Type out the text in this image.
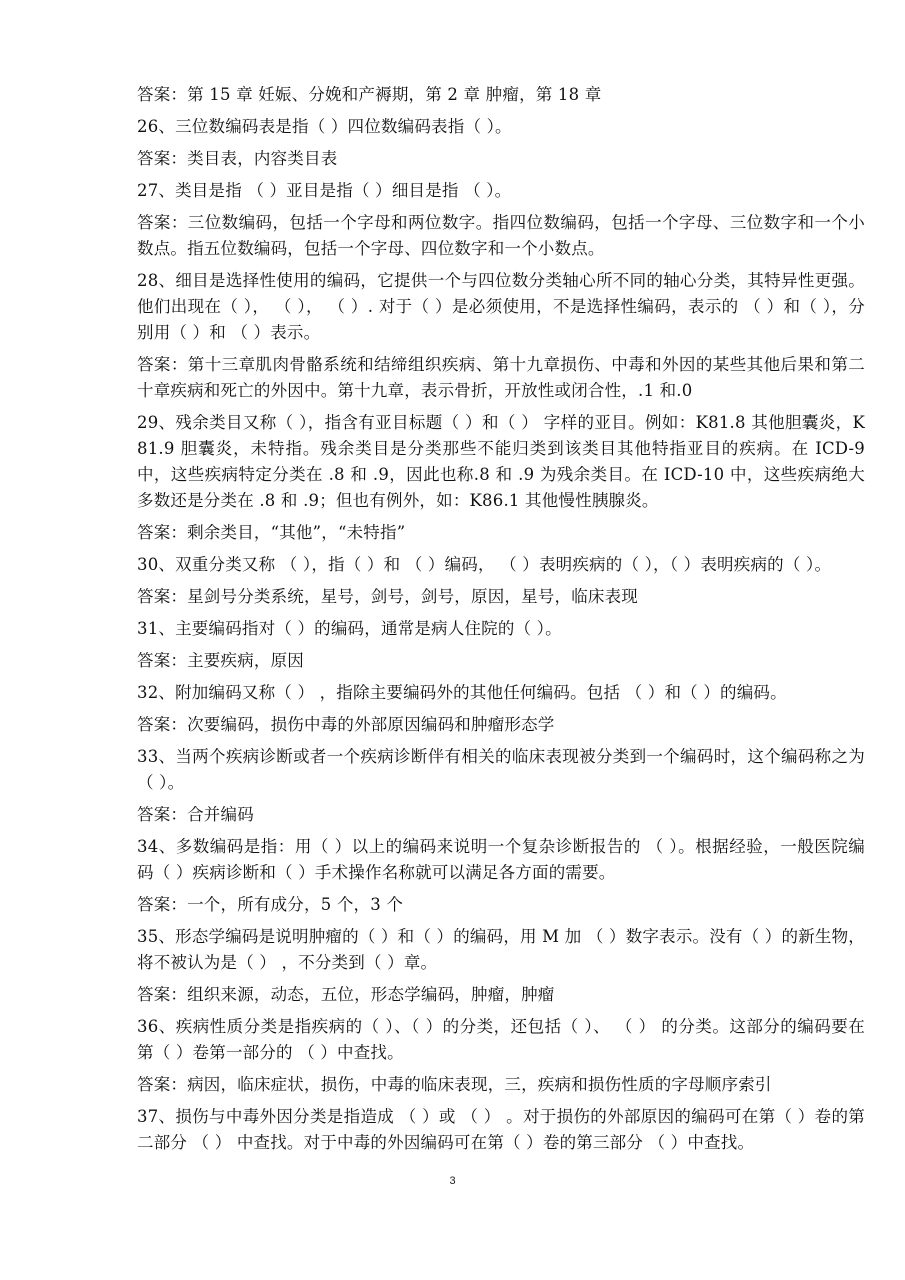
答案：第 15 章 妊娠、分娩和产褥期，第 2 章 肿瘤，第 18 章

26、三位数编码表是指（ ）四位数编码表指（ ）。

答案：类目表，内容类目表

27、类目是指 （ ）亚目是指（ ）细目是指 （ ）。

答案：三位数编码，包括一个字母和两位数字。指四位数编码，包括一个字母、三位数字和一个小数点。指五位数编码，包括一个字母、四位数字和一个小数点。

28、细目是选择性使用的编码，它提供一个与四位数分类轴心所不同的轴心分类，其特异性更强。他们出现在（ ）， （ ）， （ ）. 对于（ ）是必须使用，不是选择性编码，表示的 （ ）和（ ），分别用（ ）和 （ ）表示。

答案：第十三章肌肉骨骼系统和结缔组织疾病、第十九章损伤、中毒和外因的某些其他后果和第二十章疾病和死亡的外因中。第十九章，表示骨折，开放性或闭合性，.1 和.0

29、残余类目又称（ ），指含有亚目标题（ ）和（ ） 字样的亚目。例如：K81.8 其他胆囊炎，K81.9 胆囊炎，未特指。残余类目是分类那些不能归类到该类目其他特指亚目的疾病。在 ICD-9 中，这些疾病特定分类在 .8 和 .9，因此也称.8 和 .9 为残余类目。在 ICD-10 中，这些疾病绝大多数还是分类在 .8 和 .9；但也有例外，如：K86.1 其他慢性胰腺炎。

答案：剩余类目，“其他”，“未特指”

30、双重分类又称 （ ），指（ ）和 （ ）编码， （ ）表明疾病的（ ），（ ）表明疾病的（ ）。

答案：星剑号分类系统，星号，剑号，剑号，原因，星号，临床表现

31、主要编码指对（ ）的编码，通常是病人住院的（ ）。

答案：主要疾病，原因

32、附加编码又称（ ） ，指除主要编码外的其他任何编码。包括 （ ）和（ ）的编码。

答案：次要编码，损伤中毒的外部原因编码和肿瘤形态学

33、当两个疾病诊断或者一个疾病诊断伴有相关的临床表现被分类到一个编码时，这个编码称之为 （ ）。

答案：合并编码

34、多数编码是指：用（ ）以上的编码来说明一个复杂诊断报告的 （ ）。根据经验，一般医院编码（ ）疾病诊断和（ ）手术操作名称就可以满足各方面的需要。

答案：一个，所有成分，5 个，3 个

35、形态学编码是说明肿瘤的（ ）和（ ）的编码，用 M 加 （ ）数字表示。没有（ ）的新生物，将不被认为是（ ） ，不分类到（ ）章。

答案：组织来源，动态，五位，形态学编码，肿瘤，肿瘤

36、疾病性质分类是指疾病的（ ）、（ ）的分类，还包括（ ）、 （ ） 的分类。这部分的编码要在第（ ）卷第一部分的 （ ）中查找。

答案：病因，临床症状，损伤，中毒的临床表现，三，疾病和损伤性质的字母顺序索引

37、损伤与中毒外因分类是指造成 （ ）或 （ ） 。对于损伤的外部原因的编码可在第（ ）卷的第二部分 （ ） 中查找。对于中毒的外因编码可在第（ ）卷的第三部分 （ ）中查找。

3
